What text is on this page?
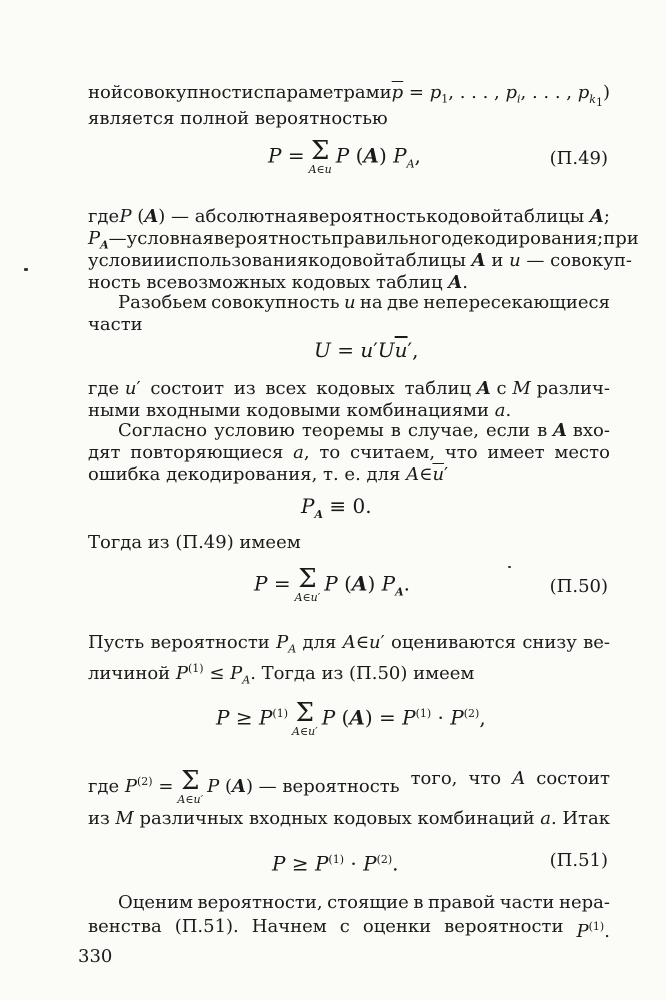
ной совокупности с параметрами $\overline{p} = p_1$, . . . , $p_i$, . . . , $p_{k_1}$)
является полной вероятностью
P = Σ
A∈u
P (A) $P_A$,	(П.49)
где P (A) — абсолютная вероятность кодовой таблицы A;
$P_A—условная$ вероятность правильного декодирования; при
условии использования кодовой таблицы A и u — совокуп-
ность всевозможных кодовых таблиц A.
Разобьем совокупность u на две непересекающиеся
части
$U = u'U\overline{u}'$,
где u′ состоит из всех кодовых таблиц A с M различ-
ными входными кодовыми комбинациями a.
Согласно условию теоремы в случае, если в A вхо-
дят повторяющиеся a, то считаем, что имеет место
ошибка декодирования, т. е. для $A\in\overline{u}'$
$P_A \equiv 0$.
Тогда из (П.49) имеем
P = Σ
A∈u′
P (A) $P_A$.	(П.50)
Пусть вероятности $P_A$ для A∈u′ оцениваются снизу ве-
личиной $P^{(1)} \le P_A$. Тогда из (П.50) имеем
$P \ge P^{(1)}$ Σ
A∈u′
P $(A) = P^{(1)} \cdot P^{(2)}$,
где $P^{(2)} = \Sigma$
A∈u′
P (A) — вероятность того, что A состоит
из M различных входных кодовых комбинаций a. Итак
$P \ge P^{(1)} \cdot P^{(2)}$.	(П.51)
Оценим вероятности, стоящие в правой части нера-
венства (П.51). Начнем с оценки вероятности $P^{(1)}$.
330
